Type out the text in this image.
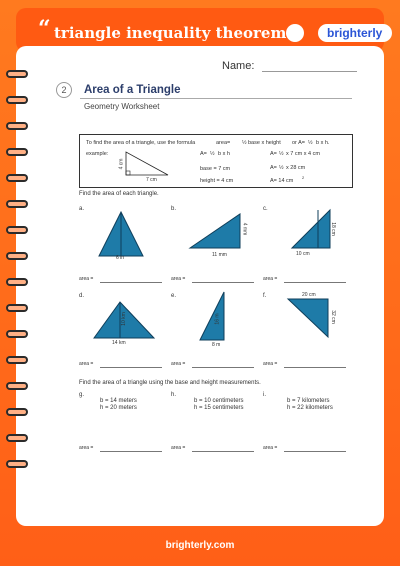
“ triangle inequality theorem	brighterly
Name:
2	Area of a Triangle
Geometry Worksheet
To find the area of a triangle, use the formula	area= ½ base x height or A= ½ b x h.
example:
4 cm
7 cm
A= ½ b x h
base = 7 cm
height = 4 cm
A= ½ x 7 cm x 4 cm
A= ½ x 28 cm
A= 14 cm
2
Find the area of each triangle.
a.
6 in
b.
11 mm
4 mm
c.
10 cm
18 cm
area =	area =	area =
d.
14 km
10 km
e.
8 m
16 m
f.	20 cm
32 cm
area =	area =	area =
Find the area of a triangle using the base and height measurements.
g.
b = 14 meters
h = 20 meters
h.
b = 10 centimeters
h = 15 centimeters
i.
b = 7 kilometers
h = 22 kilometers
area =	area =	area =
brighterly.com
